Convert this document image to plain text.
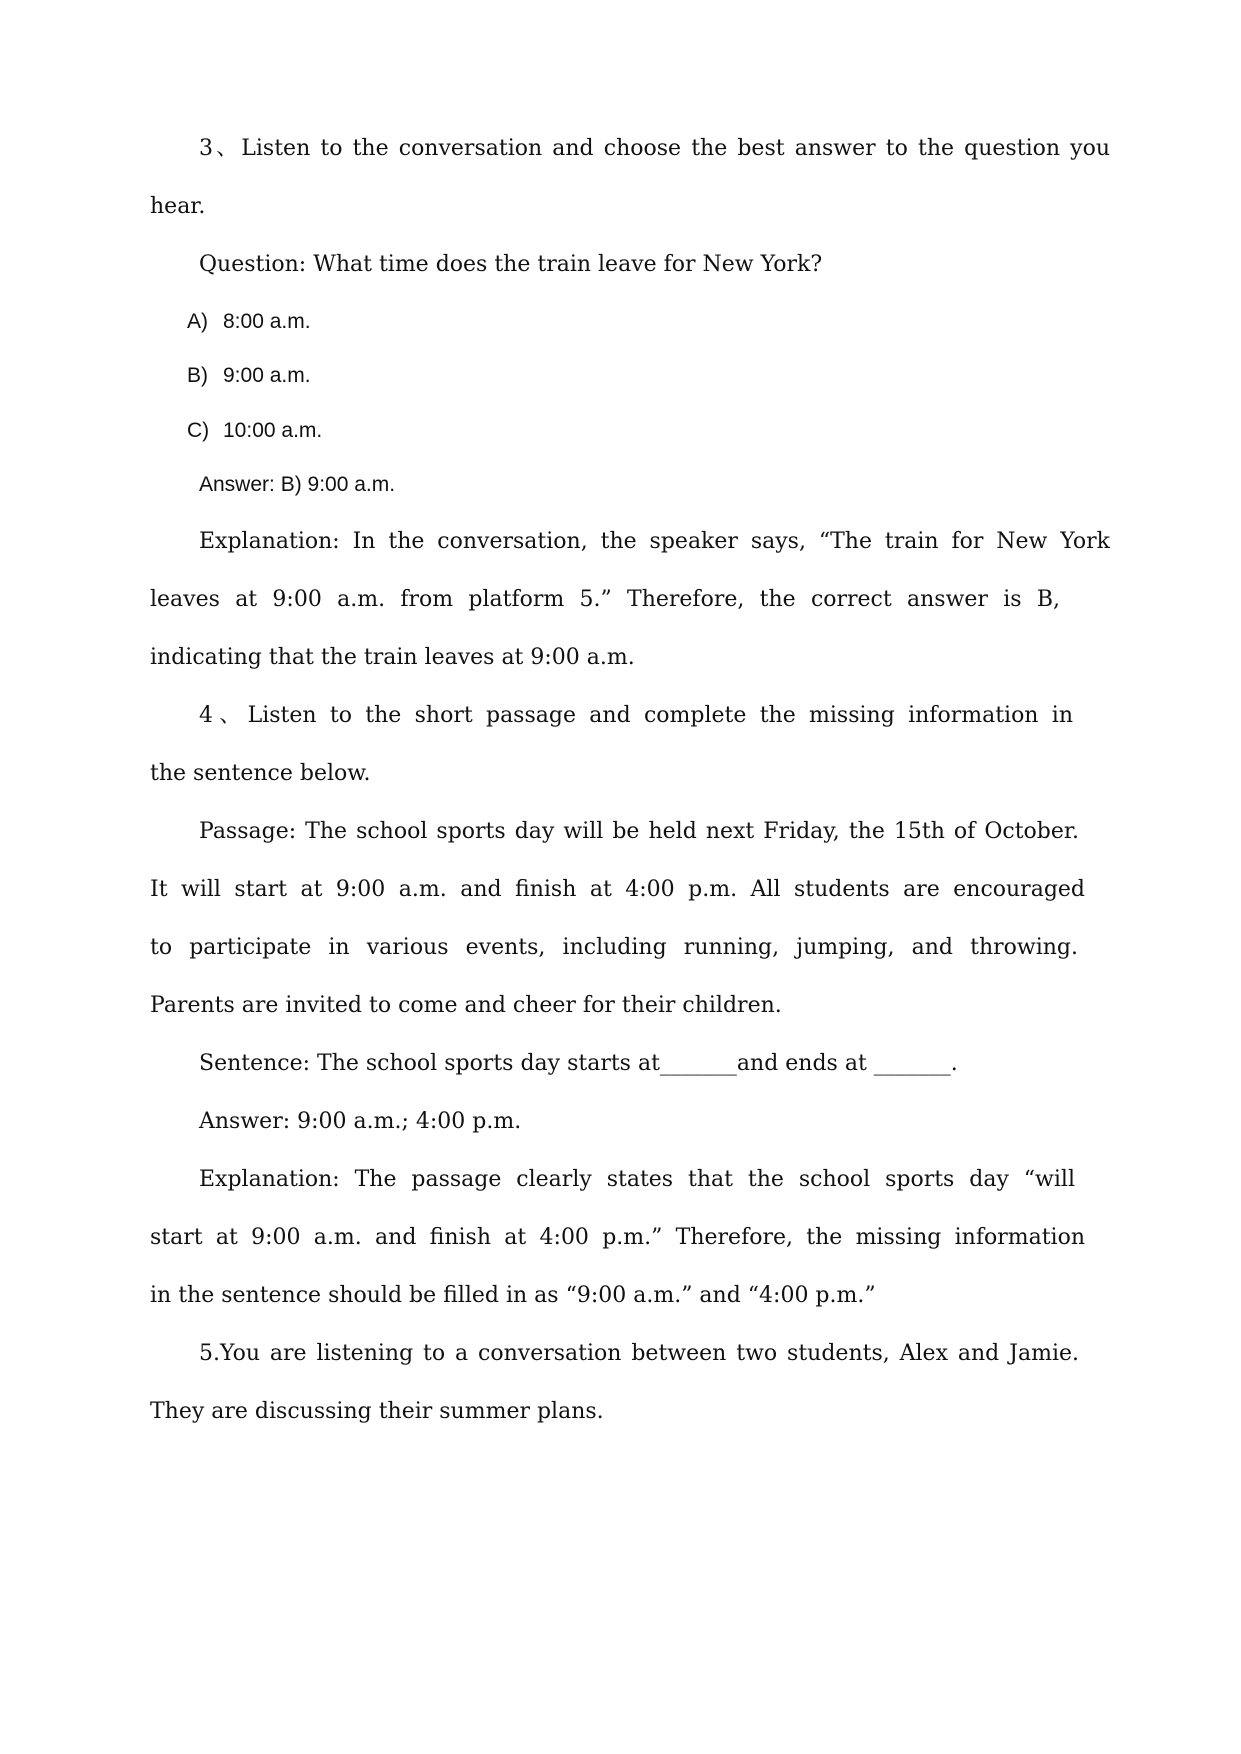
3、Listen to the conversation and choose the best answer to the question you
hear.
Question: What time does the train leave for New York?
A) 8:00 a.m.
B) 9:00 a.m.
C) 10:00 a.m.
Answer: B) 9:00 a.m.
Explanation: In the conversation, the speaker says, “The train for New York
leaves at 9:00 a.m. from platform 5.” Therefore, the correct answer is B,
indicating that the train leaves at 9:00 a.m.
4、Listen to the short passage and complete the missing information in
the sentence below.
Passage: The school sports day will be held next Friday, the 15th of October.
It will start at 9:00 a.m. and finish at 4:00 p.m. All students are encouraged
to participate in various events, including running, jumping, and throwing.
Parents are invited to come and cheer for their children.
Sentence: The school sports day starts at_______and ends at _______.
Answer: 9:00 a.m.; 4:00 p.m.
Explanation: The passage clearly states that the school sports day “will
start at 9:00 a.m. and finish at 4:00 p.m.” Therefore, the missing information
in the sentence should be filled in as “9:00 a.m.” and “4:00 p.m.”
5.You are listening to a conversation between two students, Alex and Jamie.
They are discussing their summer plans.
